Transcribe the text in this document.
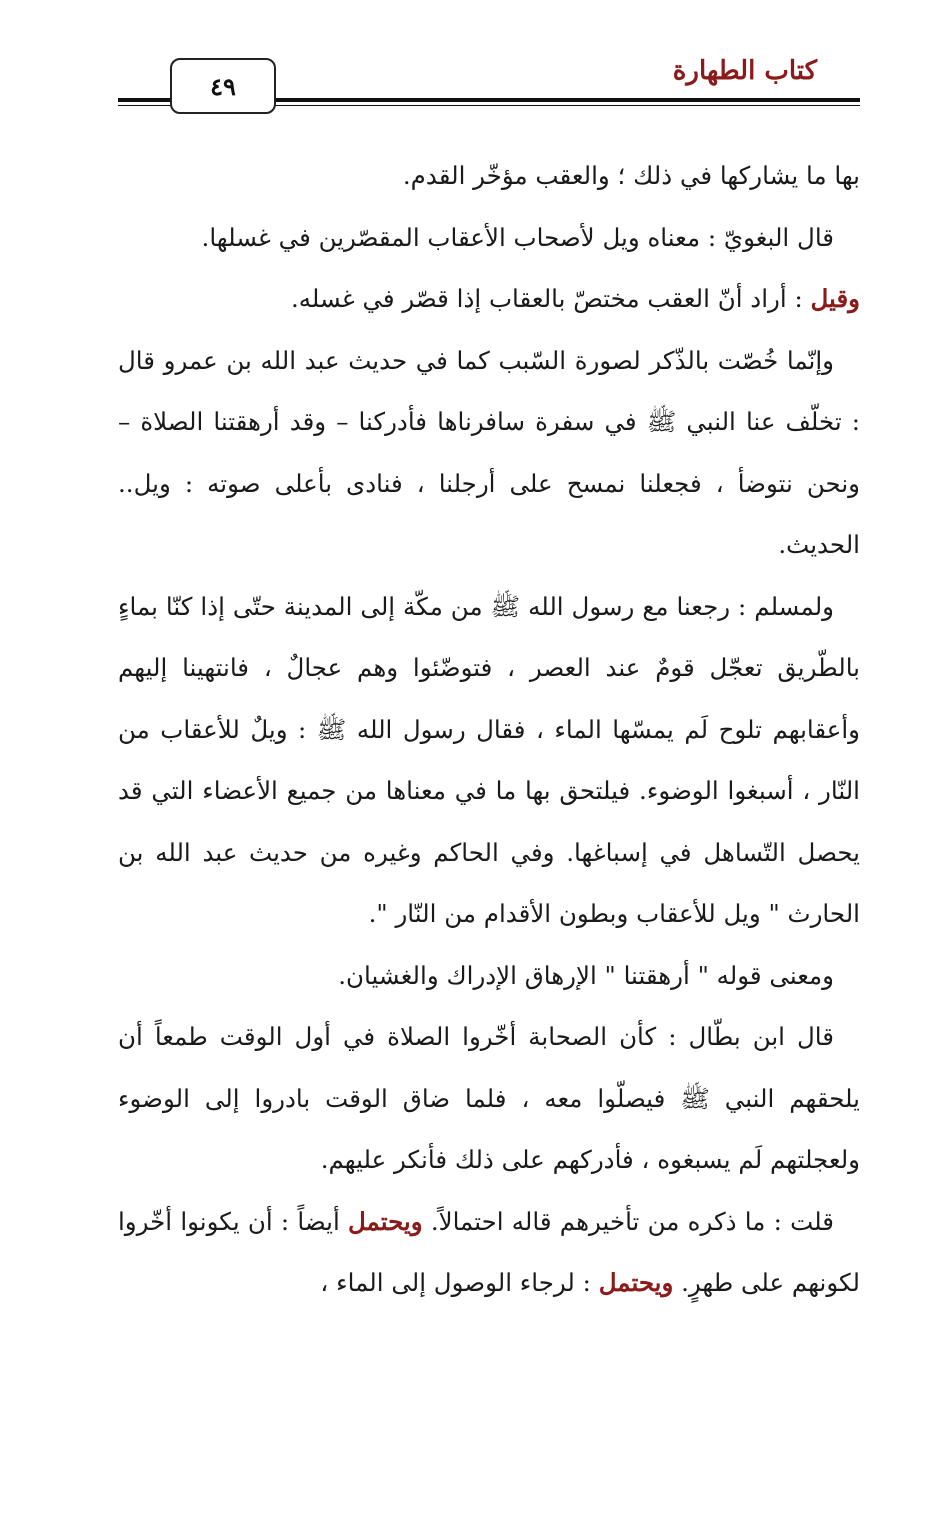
كتاب الطهارة
٤٩

بها ما يشاركها في ذلك ؛ والعقب مؤخّر القدم.

قال البغويّ : معناه ويل لأصحاب الأعقاب المقصّرين في غسلها.

وقيل : أراد أنّ العقب مختصّ بالعقاب إذا قصّر في غسله.

وإنّما خُصّت بالذّكر لصورة السّبب كما في حديث عبد الله بن عمرو قال : تخلّف عنا النبي ﷺ في سفرة سافرناها فأدركنا – وقد أرهقتنا الصلاة – ونحن نتوضأ ، فجعلنا نمسح على أرجلنا ، فنادى بأعلى صوته : ويل.. الحديث.

ولمسلم : رجعنا مع رسول الله ﷺ من مكّة إلى المدينة حتّى إذا كنّا بماءٍ بالطّريق تعجّل قومٌ عند العصر ، فتوضّئوا وهم عجالٌ ، فانتهينا إليهم وأعقابهم تلوح لَم يمسّها الماء ، فقال رسول الله ﷺ : ويلٌ للأعقاب من النّار ، أسبغوا الوضوء. فيلتحق بها ما في معناها من جميع الأعضاء التي قد يحصل التّساهل في إسباغها. وفي الحاكم وغيره من حديث عبد الله بن الحارث " ويل للأعقاب وبطون الأقدام من النّار ".

ومعنى قوله " أرهقتنا " الإرهاق الإدراك والغشيان.

قال ابن بطّال : كأن الصحابة أخّروا الصلاة في أول الوقت طمعاً أن يلحقهم النبي ﷺ فيصلّوا معه ، فلما ضاق الوقت بادروا إلى الوضوء ولعجلتهم لَم يسبغوه ، فأدركهم على ذلك فأنكر عليهم.

قلت : ما ذكره من تأخيرهم قاله احتمالاً. ويحتمل أيضاً : أن يكونوا أخّروا لكونهم على طهرٍ. ويحتمل : لرجاء الوصول إلى الماء ،
